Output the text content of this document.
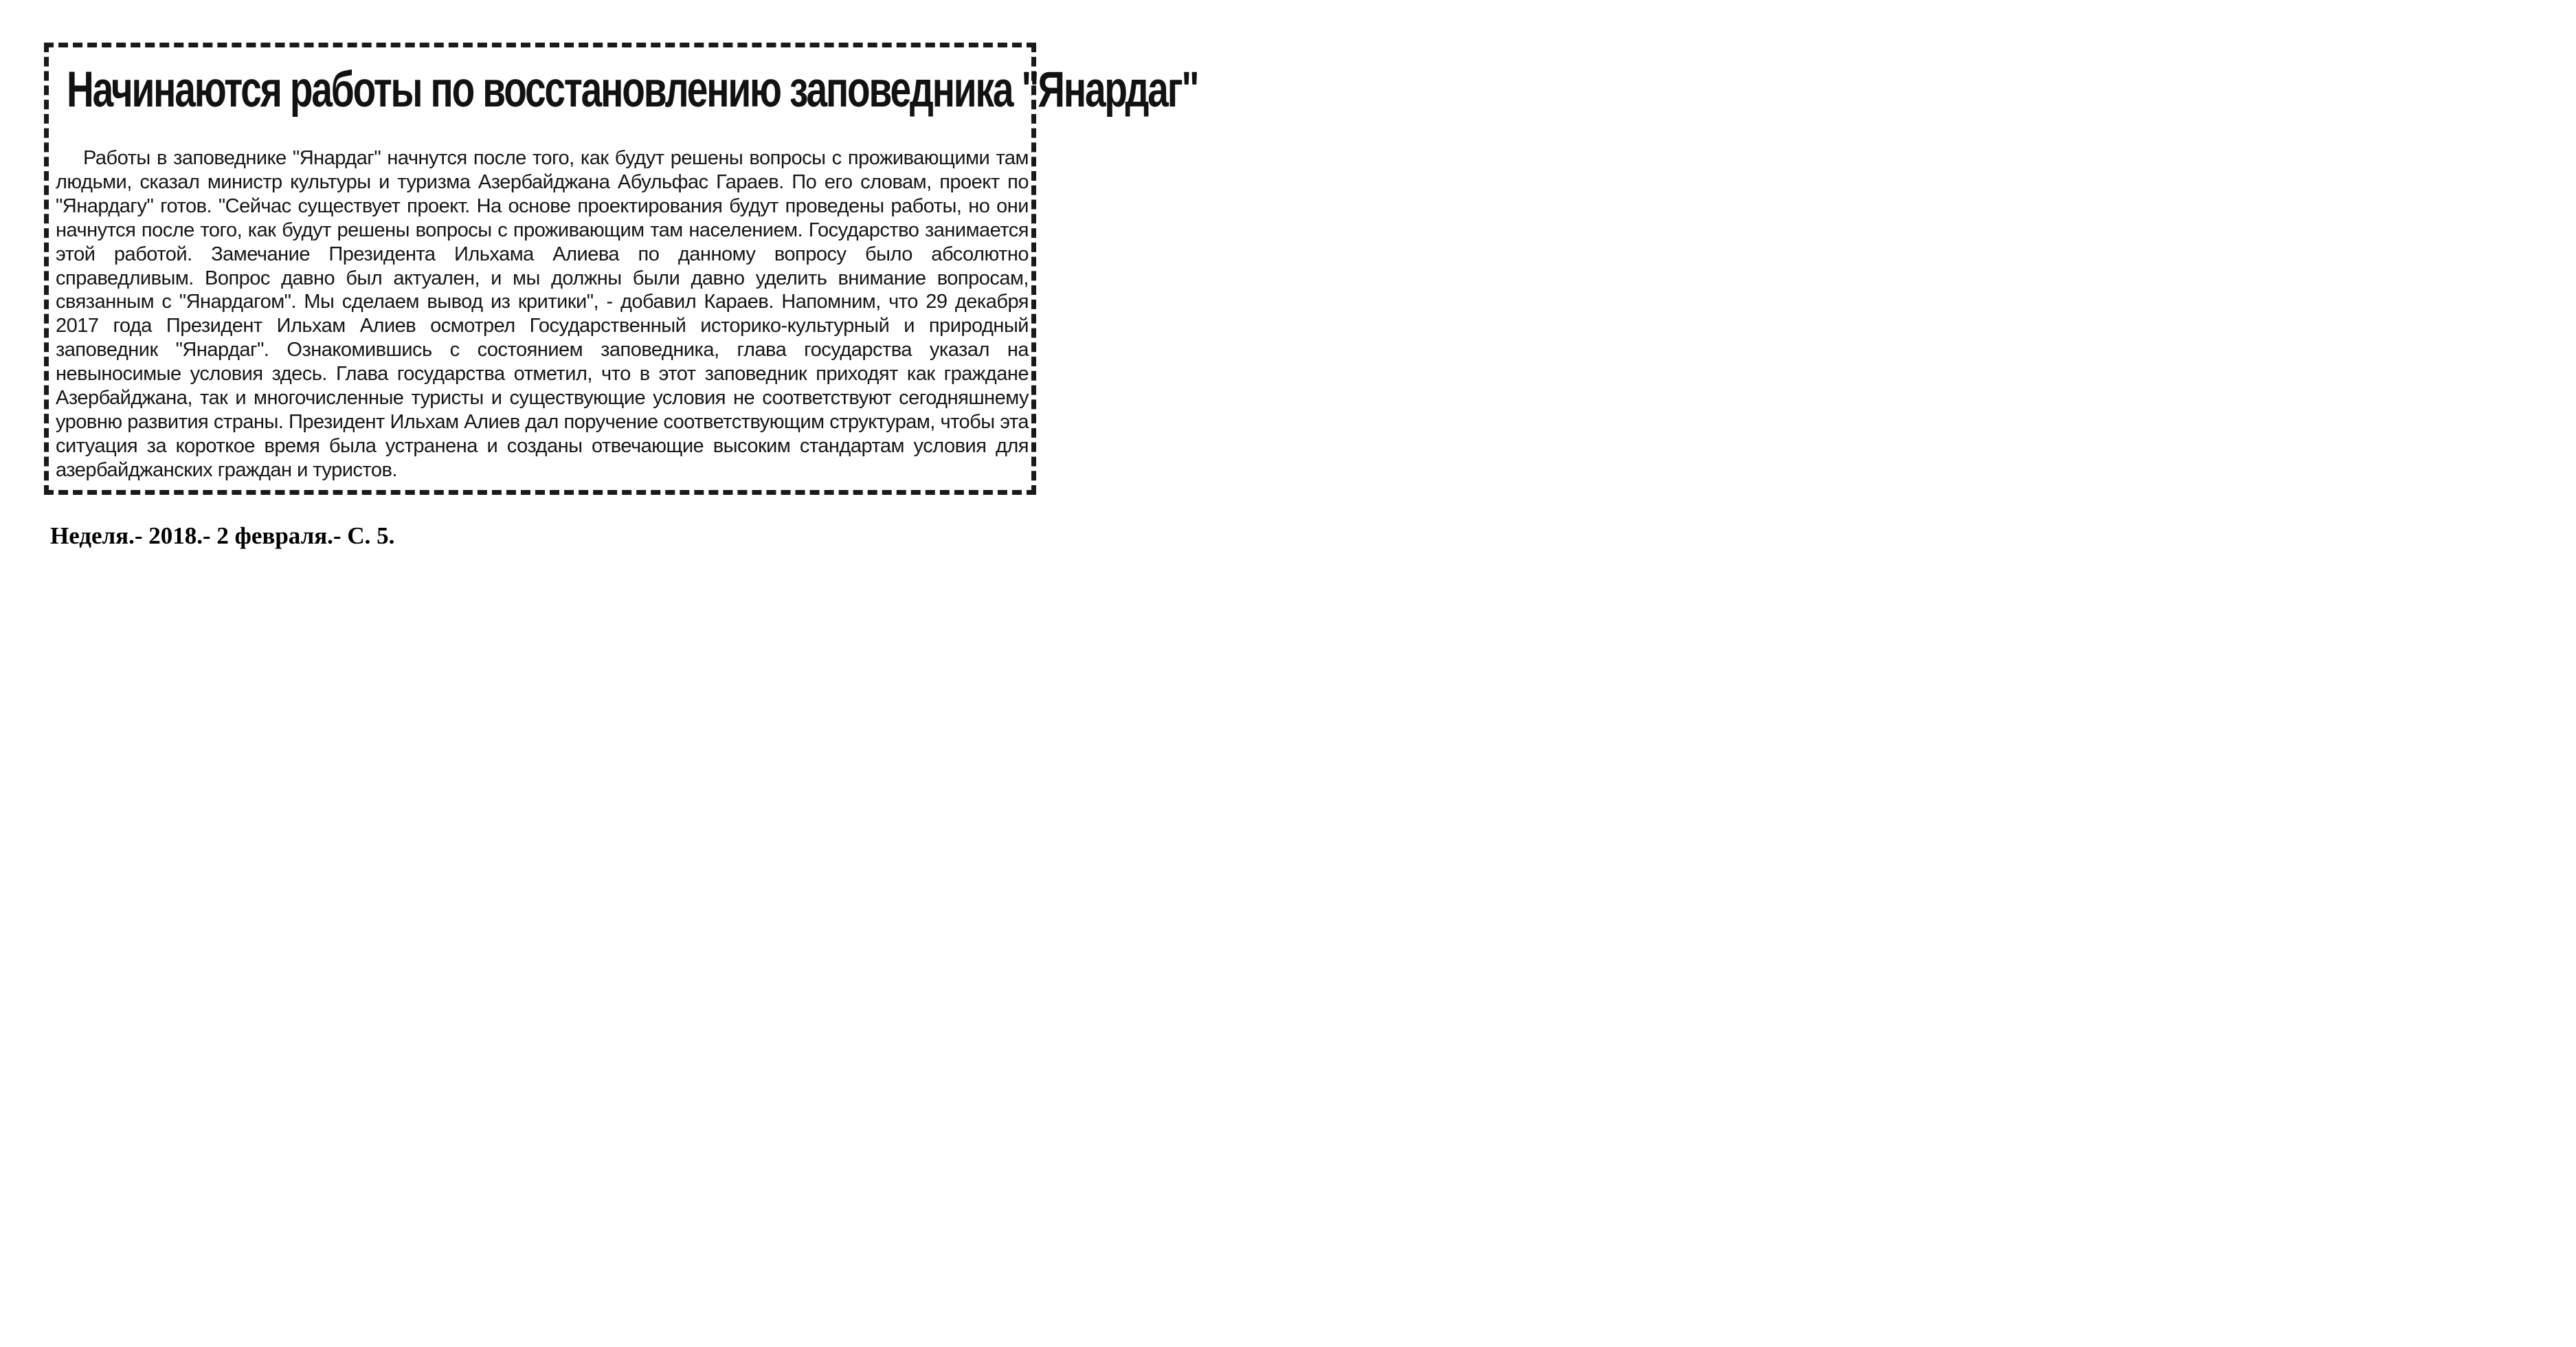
Начинаются работы по восстановлению заповедника "Янардаг"

Работы в заповеднике "Янардаг" начнутся после того, как будут решены вопросы с проживающими там людьми, сказал министр культуры и туризма Азербайджана Абульфас Гараев. По его словам, проект по "Янардагу" готов. "Сейчас существует проект. На основе проектирования будут проведены работы, но они начнутся после того, как будут решены вопросы с проживающим там населением. Государство занимается этой работой. Замечание Президента Ильхама Алиева по данному вопросу было абсолютно справедливым. Вопрос давно был актуален, и мы должны были давно уделить внимание вопросам, связанным с "Янардагом". Мы сделаем вывод из критики", - добавил Караев. Напомним, что 29 декабря 2017 года Президент Ильхам Алиев осмотрел Государственный историко-культурный и природный заповедник "Янардаг". Ознакомившись с состоянием заповедника, глава государства указал на невыносимые условия здесь. Глава государства отметил, что в этот заповедник приходят как граждане Азербайджана, так и многочисленные туристы и существующие условия не соответствуют сегодняшнему уровню развития страны. Президент Ильхам Алиев дал поручение соответствующим структурам, чтобы эта ситуация за короткое время была устранена и созданы отвечающие высоким стандартам условия для азербайджанских граждан и туристов.

Неделя.- 2018.- 2 февраля.- С. 5.
